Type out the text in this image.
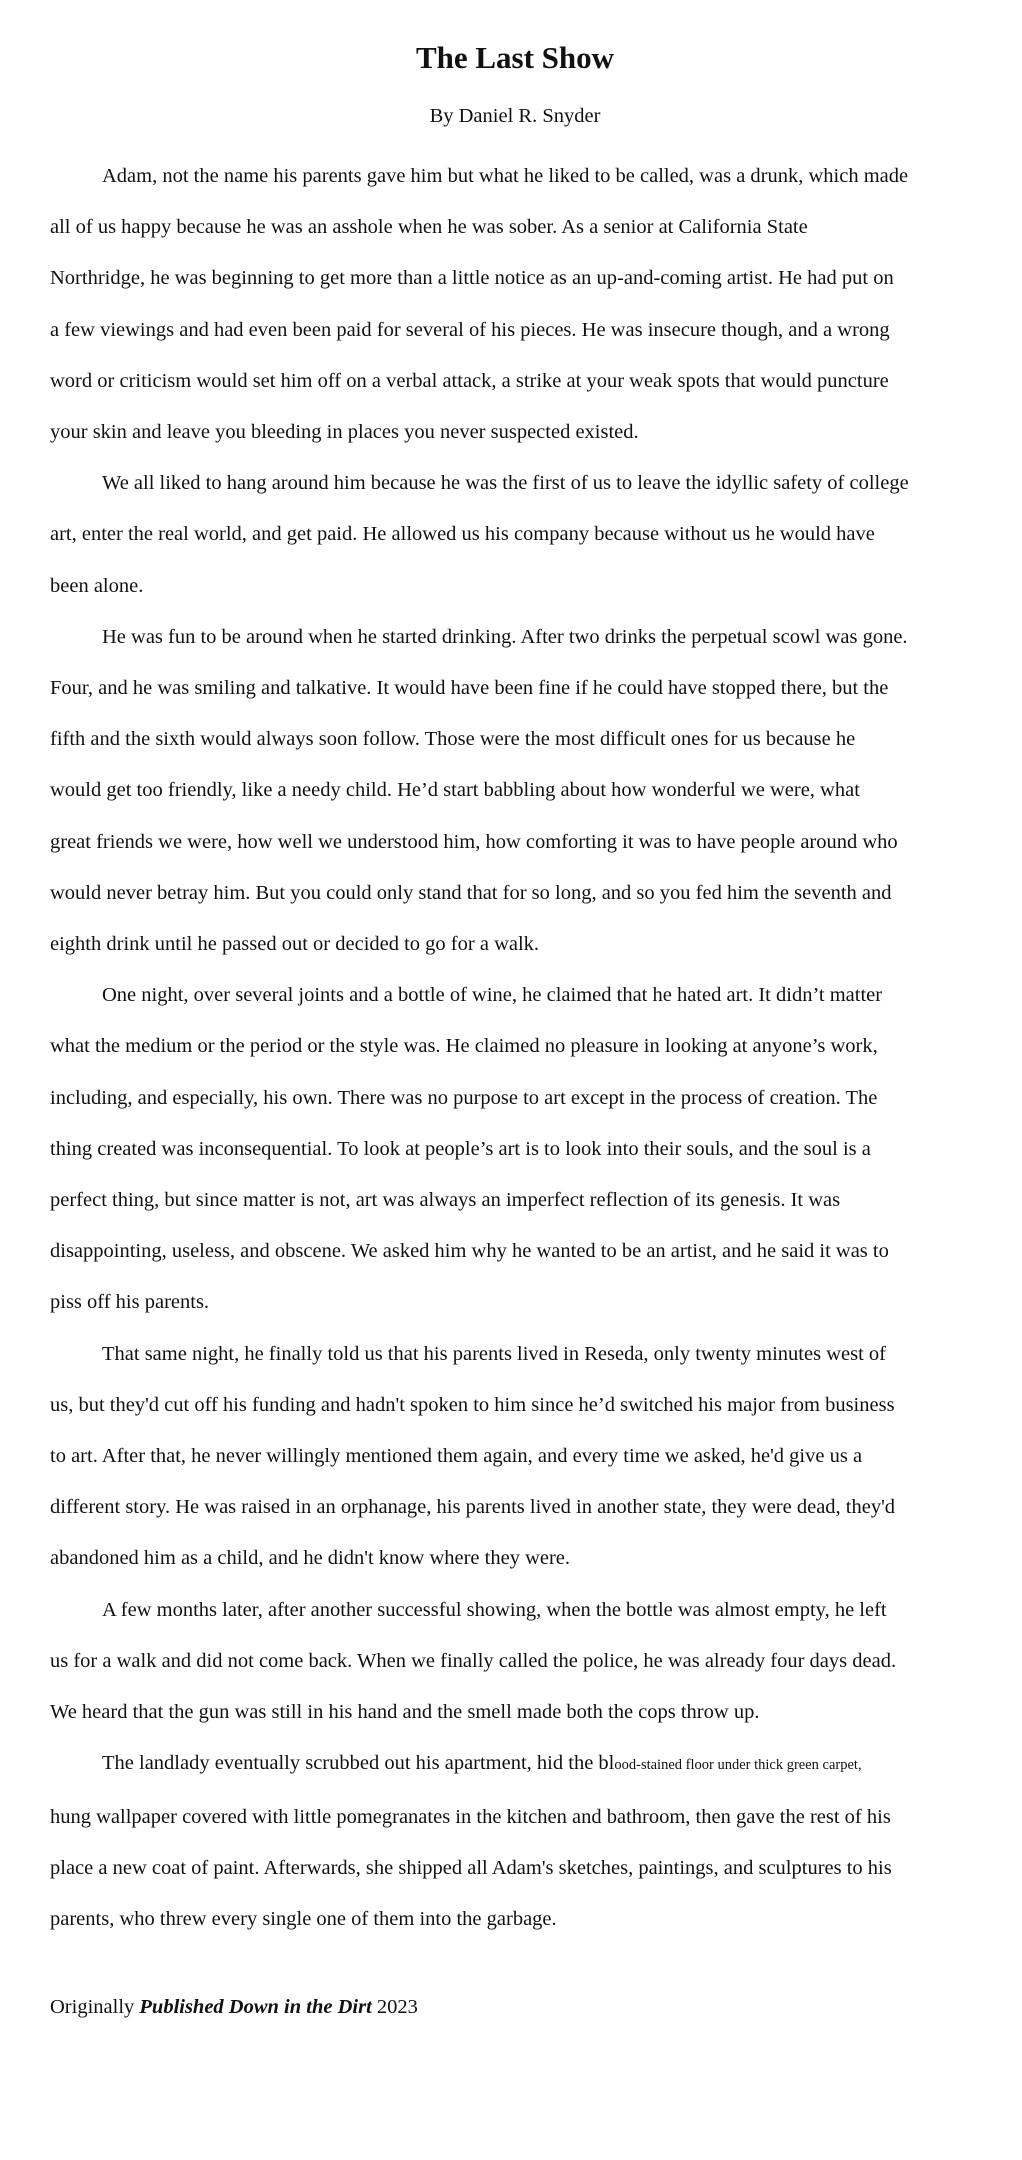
The Last Show
By Daniel R. Snyder

Adam, not the name his parents gave him but what he liked to be called, was a drunk, which made
all of us happy because he was an asshole when he was sober. As a senior at California State
Northridge, he was beginning to get more than a little notice as an up-and-coming artist. He had put on
a few viewings and had even been paid for several of his pieces. He was insecure though, and a wrong
word or criticism would set him off on a verbal attack, a strike at your weak spots that would puncture
your skin and leave you bleeding in places you never suspected existed.

We all liked to hang around him because he was the first of us to leave the idyllic safety of college
art, enter the real world, and get paid. He allowed us his company because without us he would have
been alone.

He was fun to be around when he started drinking. After two drinks the perpetual scowl was gone.
Four, and he was smiling and talkative. It would have been fine if he could have stopped there, but the
fifth and the sixth would always soon follow. Those were the most difficult ones for us because he
would get too friendly, like a needy child. He’d start babbling about how wonderful we were, what
great friends we were, how well we understood him, how comforting it was to have people around who
would never betray him. But you could only stand that for so long, and so you fed him the seventh and
eighth drink until he passed out or decided to go for a walk.

One night, over several joints and a bottle of wine, he claimed that he hated art. It didn’t matter
what the medium or the period or the style was. He claimed no pleasure in looking at anyone’s work,
including, and especially, his own. There was no purpose to art except in the process of creation. The
thing created was inconsequential. To look at people’s art is to look into their souls, and the soul is a
perfect thing, but since matter is not, art was always an imperfect reflection of its genesis. It was
disappointing, useless, and obscene. We asked him why he wanted to be an artist, and he said it was to
piss off his parents.

That same night, he finally told us that his parents lived in Reseda, only twenty minutes west of
us, but they'd cut off his funding and hadn't spoken to him since he’d switched his major from business
to art. After that, he never willingly mentioned them again, and every time we asked, he'd give us a
different story. He was raised in an orphanage, his parents lived in another state, they were dead, they'd
abandoned him as a child, and he didn't know where they were.

A few months later, after another successful showing, when the bottle was almost empty, he left
us for a walk and did not come back. When we finally called the police, he was already four days dead.
We heard that the gun was still in his hand and the smell made both the cops throw up.

The landlady eventually scrubbed out his apartment, hid the blood-stained floor under thick green carpet,
hung wallpaper covered with little pomegranates in the kitchen and bathroom, then gave the rest of his
place a new coat of paint. Afterwards, she shipped all Adam's sketches, paintings, and sculptures to his
parents, who threw every single one of them into the garbage.

Originally Published Down in the Dirt 2023
